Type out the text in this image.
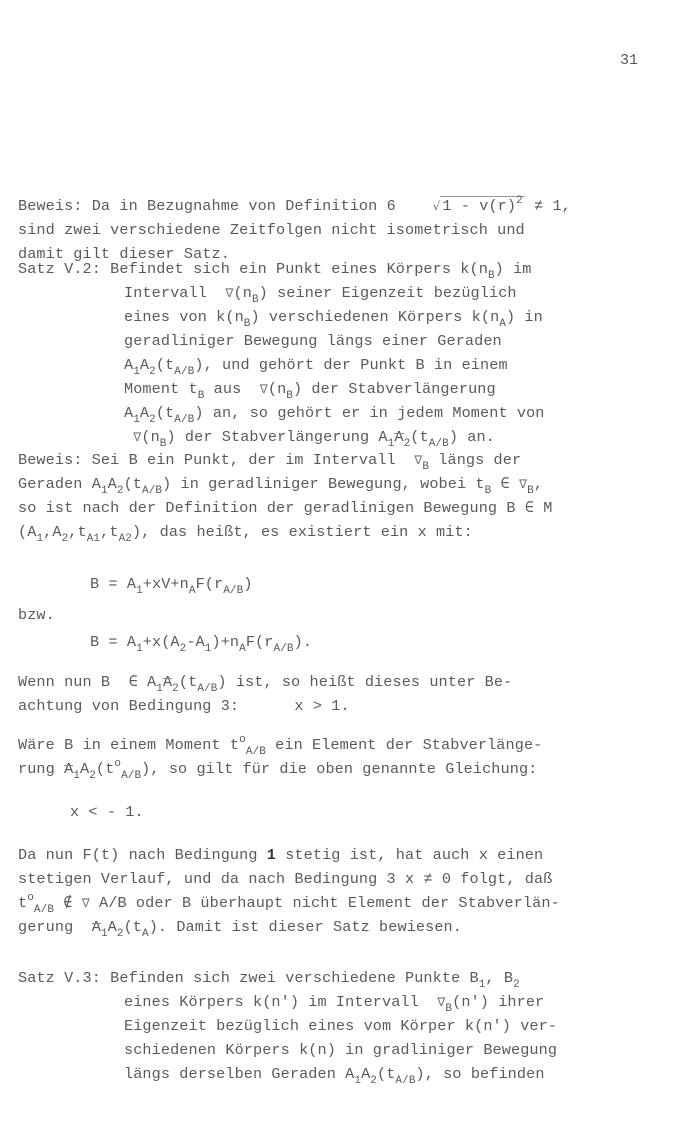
31
Beweis: Da in Bezugnahme von Definition 6	√ $1 - v(r)^2 \ne 1$,
sind zwei verschiedene Zeitfolgen nicht isometrisch und
damit gilt dieser Satz.
Satz V.2: Befindet sich ein Punkt eines Körpers $k(n_B)$ im
Intervall  $\nabla(n_B)$ seiner Eigenzeit bezüglich
eines von $k(n_B)$ verschiedenen Körpers $k(n_A)$ in
geradliniger Bewegung längs einer Geraden
$A_1A_2(t_{A/B})$, und gehört der Punkt B in einem
Moment $t_B$ aus  $\nabla(n_B)$ der Stabverlängerung
$A_1A_2(t_{A/B})$ an, so gehört er in jedem Moment von
$\nabla(n_B)$ der Stabverlängerung $A_1A_2(t_{A/B})$ an.
Beweis: Sei B ein Punkt, der im Intervall  $\nabla_B$ längs der
Geraden $A_1A_2(t_{A/B})$ in geradliniger Bewegung, wobei $t_B$ ∈ $\nabla_B$,
so ist nach der Definition der geradlinigen Bewegung B ∈ M
$(A_1,A_2,t_{A1},t_{A2})$, das heißt, es existiert ein x mit:
$B = A_1+xV+n_AF(r_{A/B})$
bzw.
$B = A_1+x(A_2-A_1)+n_AF(r_{A/B})$.
Wenn nun B  ∈ $A_1A_2(t_{A/B})$ ist, so heißt dieses unter Be-
achtung von Bedingung 3:      x > 1.
Wäre B in einem Moment $t^o_{A/B}$ ein Element der Stabverlänge-
rung $A_1A_2(t^o_{A/B})$, so gilt für die oben genannte Gleichung:
x < - 1.
Da nun F(t) nach Bedingung 1 stetig ist, hat auch x einen
stetigen Verlauf, und da nach Bedingung 3 x ≠ 0 folgt, daß
$t^o_{A/B}$ ∉ ∇ A/B oder B überhaupt nicht Element der Stabverlän-
gerung  $A_1A_2(t_A)$. Damit ist dieser Satz bewiesen.
Satz V.3: Befinden sich zwei verschiedene Punkte $B_1$, $B_2$
eines Körpers k(n') im Intervall  $\nabla_B(n')$ ihrer
Eigenzeit bezüglich eines vom Körper k(n') ver-
schiedenen Körpers k(n) in gradliniger Bewegung
längs derselben Geraden $A_1A_2(t_{A/B})$, so befinden
